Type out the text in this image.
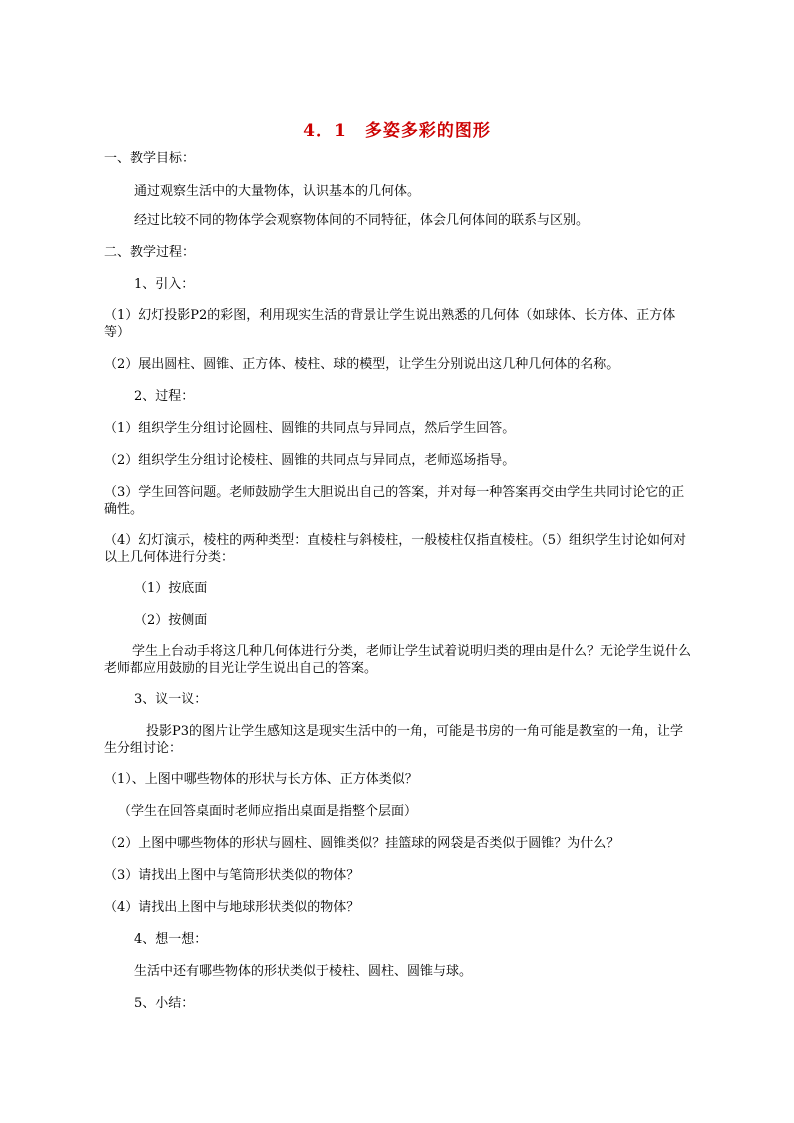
4．1　多姿多彩的图形
一、教学目标：
通过观察生活中的大量物体，认识基本的几何体。
经过比较不同的物体学会观察物体间的不同特征，体会几何体间的联系与区别。
二、教学过程：
1、引入：
（1）幻灯投影P2的彩图，利用现实生活的背景让学生说出熟悉的几何体（如球体、长方体、正方体等）
（2）展出圆柱、圆锥、正方体、棱柱、球的模型，让学生分别说出这几种几何体的名称。
2、过程：
（1）组织学生分组讨论圆柱、圆锥的共同点与异同点，然后学生回答。
（2）组织学生分组讨论棱柱、圆锥的共同点与异同点，老师巡场指导。
（3）学生回答问题。老师鼓励学生大胆说出自己的答案，并对每一种答案再交由学生共同讨论它的正确性。
（4）幻灯演示，棱柱的两种类型：直棱柱与斜棱柱，一般棱柱仅指直棱柱。（5）组织学生讨论如何对以上几何体进行分类：
（1）按底面
（2）按侧面
学生上台动手将这几种几何体进行分类，老师让学生试着说明归类的理由是什么？无论学生说什么老师都应用鼓励的目光让学生说出自己的答案。
3、议一议：
投影P3的图片让学生感知这是现实生活中的一角，可能是书房的一角可能是教室的一角，让学生分组讨论：
（1）、上图中哪些物体的形状与长方体、正方体类似？
（学生在回答桌面时老师应指出桌面是指整个层面）
（2）上图中哪些物体的形状与圆柱、圆锥类似？挂篮球的网袋是否类似于圆锥？为什么？
（3）请找出上图中与笔筒形状类似的物体？
（4）请找出上图中与地球形状类似的物体？
4、想一想：
生活中还有哪些物体的形状类似于棱柱、圆柱、圆锥与球。
5、小结：
